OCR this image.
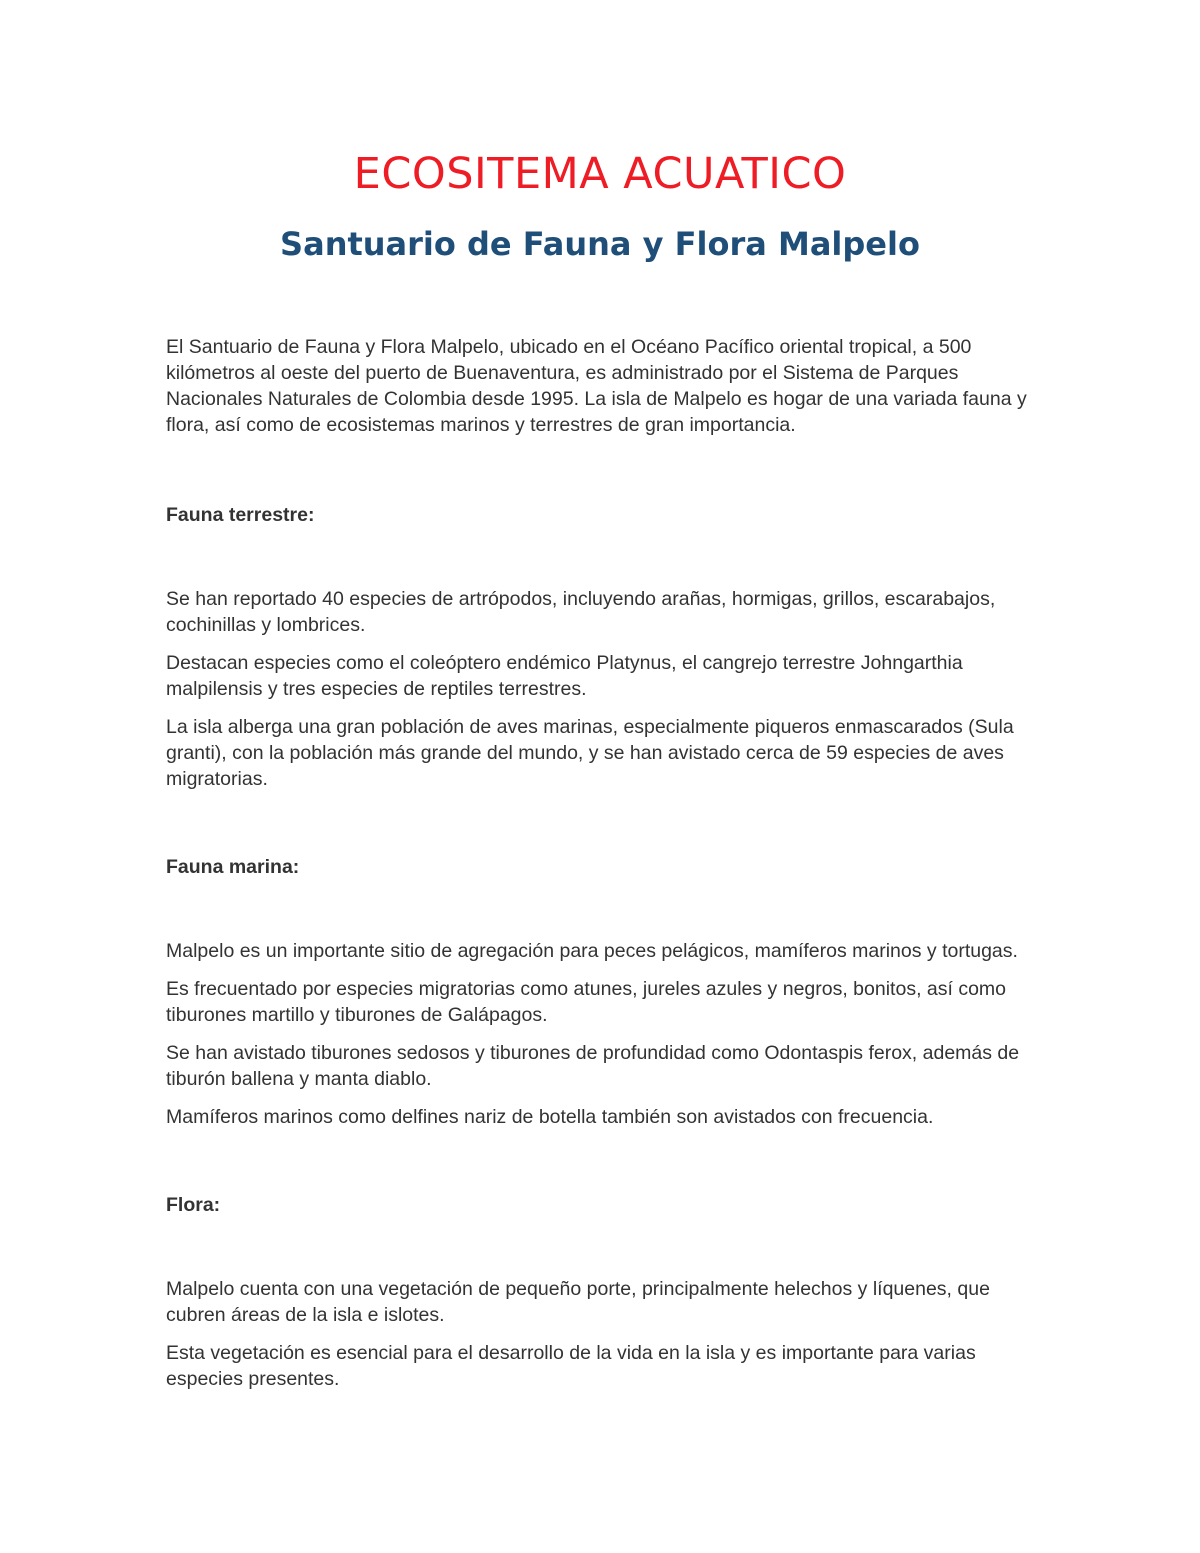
ECOSITEMA ACUATICO
Santuario de Fauna y Flora Malpelo

El Santuario de Fauna y Flora Malpelo, ubicado en el Océano Pacífico oriental tropical, a 500 kilómetros al oeste del puerto de Buenaventura, es administrado por el Sistema de Parques Nacionales Naturales de Colombia desde 1995. La isla de Malpelo es hogar de una variada fauna y flora, así como de ecosistemas marinos y terrestres de gran importancia.

Fauna terrestre:

Se han reportado 40 especies de artrópodos, incluyendo arañas, hormigas, grillos, escarabajos, cochinillas y lombrices.

Destacan especies como el coleóptero endémico Platynus, el cangrejo terrestre Johngarthia malpilensis y tres especies de reptiles terrestres.

La isla alberga una gran población de aves marinas, especialmente piqueros enmascarados (Sula granti), con la población más grande del mundo, y se han avistado cerca de 59 especies de aves migratorias.

Fauna marina:

Malpelo es un importante sitio de agregación para peces pelágicos, mamíferos marinos y tortugas.

Es frecuentado por especies migratorias como atunes, jureles azules y negros, bonitos, así como tiburones martillo y tiburones de Galápagos.

Se han avistado tiburones sedosos y tiburones de profundidad como Odontaspis ferox, además de tiburón ballena y manta diablo.

Mamíferos marinos como delfines nariz de botella también son avistados con frecuencia.

Flora:

Malpelo cuenta con una vegetación de pequeño porte, principalmente helechos y líquenes, que cubren áreas de la isla e islotes.

Esta vegetación es esencial para el desarrollo de la vida en la isla y es importante para varias especies presentes.
